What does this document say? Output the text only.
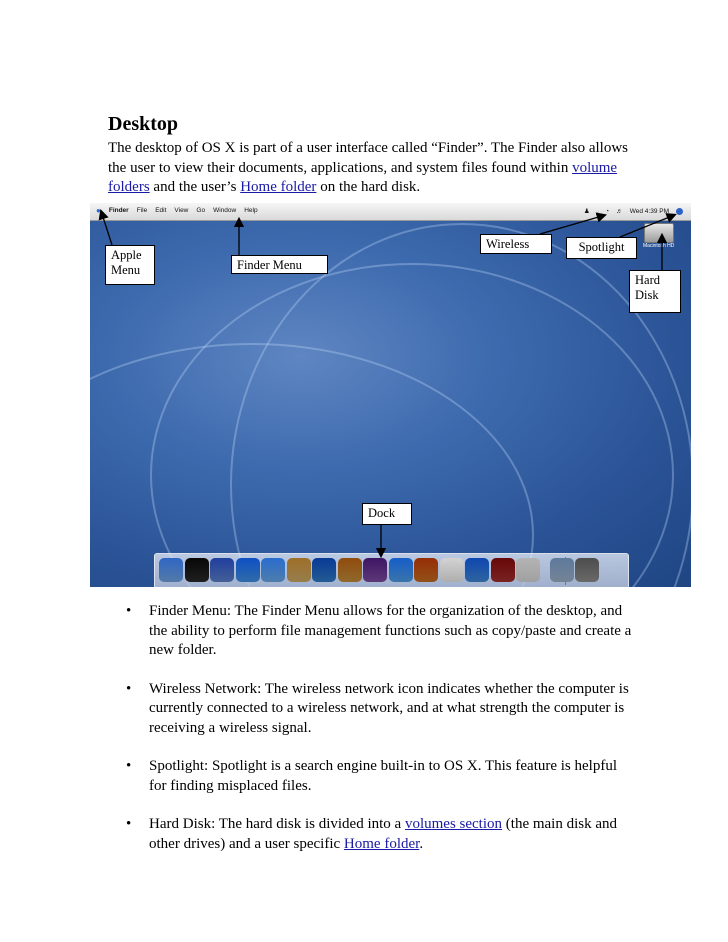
Desktop

The desktop of OS X is part of a user interface called “Finder”. The Finder also allows the user to view their documents, applications, and system files found within volume folders and the user’s Home folder on the hard disk.

● Finder File Edit View Go Window Help	♟ ⁁ ◔ ♬ Wed 4:39 PM
Macintosh HD
Apple Menu	Finder Menu
Wireless	Spotlight
Hard Disk
Dock
• Finder Menu: The Finder Menu allows for the organization of the desktop, and the ability to perform file management functions such as copy/paste and create a new folder.
• Wireless Network: The wireless network icon indicates whether the computer is currently connected to a wireless network, and at what strength the computer is receiving a wireless signal.
• Spotlight: Spotlight is a search engine built-in to OS X. This feature is helpful for finding misplaced files.
• Hard Disk: The hard disk is divided into a volumes section (the main disk and other drives) and a user specific Home folder.
